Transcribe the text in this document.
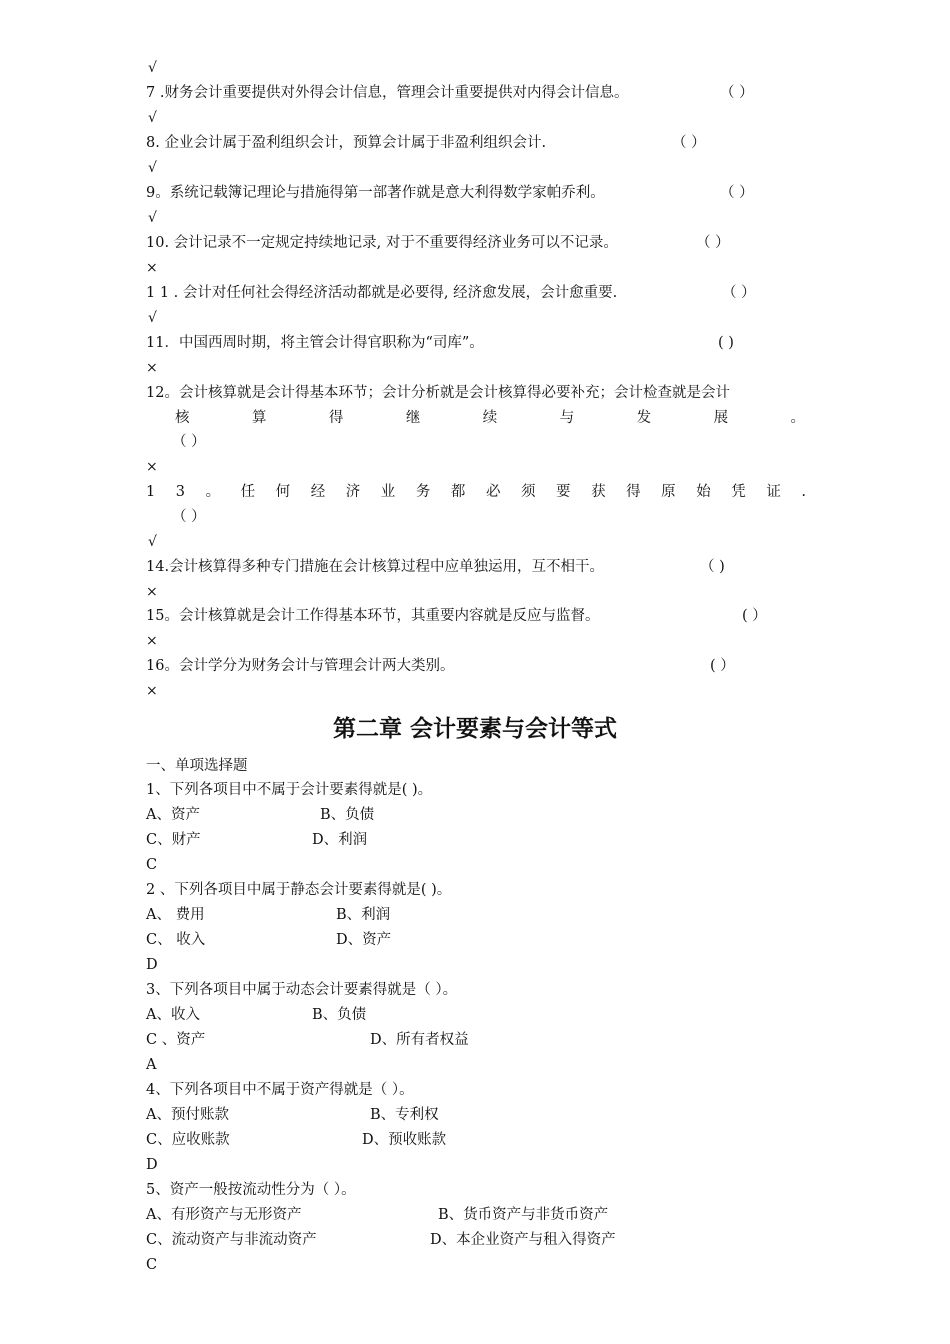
√
7 .财务会计重要提供对外得会计信息，管理会计重要提供对内得会计信息。	（ ）
√
8. 企业会计属于盈利组织会计，预算会计属于非盈利组织会计.	（ ）
√
9。系统记载簿记理论与措施得第一部著作就是意大利得数学家帕乔利。	（ ）
√
10. 会计记录不一定规定持续地记录, 对于不重要得经济业务可以不记录。	（ ）
×
1 1 . 会计对任何社会得经济活动都就是必要得, 经济愈发展，会计愈重要.	（ ）
√
11．中国西周时期，将主管会计得官职称为“司库”。	( )
×
12。会计核算就是会计得基本环节；会计分析就是会计核算得必要补充；会计检查就是会计
核	算	得	继	续	与	发	展	。
（ ）
×
1 3 。 任 何 经 济 业 务 都 必 须 要 获 得 原 始 凭 证 .
（ ）
√
14.会计核算得多种专门措施在会计核算过程中应单独运用，互不相干。	（ )
×
15。会计核算就是会计工作得基本环节，其重要内容就是反应与监督。	( ）
×
16。会计学分为财务会计与管理会计两大类别。	( ）
×
第二章 会计要素与会计等式
一、单项选择题
1、下列各项目中不属于会计要素得就是( )。
A、资产	B、负债
C、财产	D、利润
C
2 、下列各项目中属于静态会计要素得就是( )。
A、 费用	B、利润
C、 收入	D、资产
D
3、下列各项目中属于动态会计要素得就是（ ）。
A、收入	B、负债
C 、资产	D、所有者权益
A
4、下列各项目中不属于资产得就是（ ）。
A、预付账款	B、专利权
C、应收账款	D、预收账款
D
5、资产一般按流动性分为（ ）。
A、有形资产与无形资产	B、货币资产与非货币资产
C、流动资产与非流动资产	D、本企业资产与租入得资产
C
